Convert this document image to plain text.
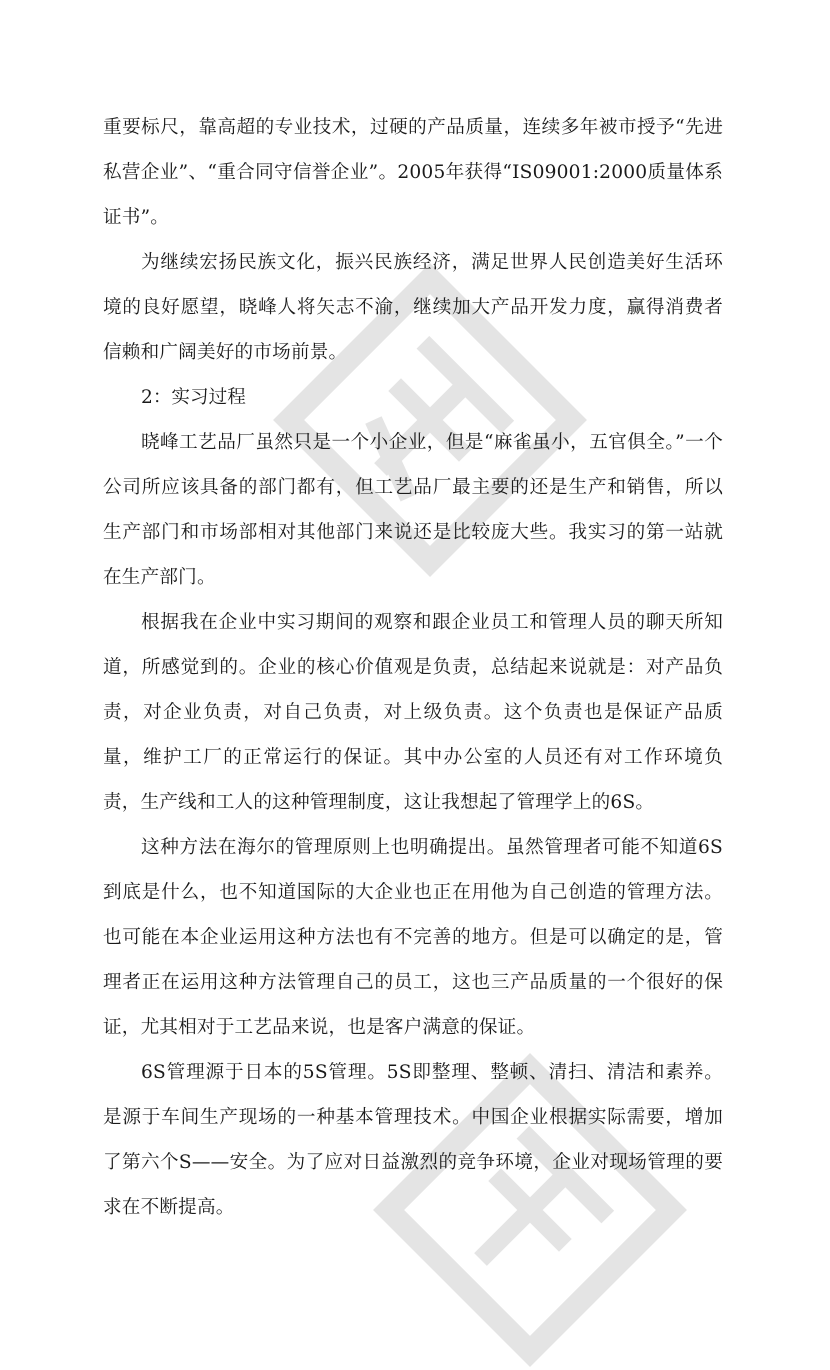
重要标尺，靠高超的专业技术，过硬的产品质量，连续多年被市授予“先进私营企业”、“重合同守信誉企业”。2005年获得“IS09001:2000质量体系证书”。

为继续宏扬民族文化，振兴民族经济，满足世界人民创造美好生活环境的良好愿望，晓峰人将矢志不渝，继续加大产品开发力度，赢得消费者信赖和广阔美好的市场前景。

2：实习过程

晓峰工艺品厂虽然只是一个小企业，但是“麻雀虽小，五官俱全。”一个公司所应该具备的部门都有，但工艺品厂最主要的还是生产和销售，所以生产部门和市场部相对其他部门来说还是比较庞大些。我实习的第一站就在生产部门。

根据我在企业中实习期间的观察和跟企业员工和管理人员的聊天所知道，所感觉到的。企业的核心价值观是负责，总结起来说就是：对产品负责，对企业负责，对自己负责，对上级负责。这个负责也是保证产品质量，维护工厂的正常运行的保证。其中办公室的人员还有对工作环境负责，生产线和工人的这种管理制度，这让我想起了管理学上的6S。

这种方法在海尔的管理原则上也明确提出。虽然管理者可能不知道6S到底是什么，也不知道国际的大企业也正在用他为自己创造的管理方法。也可能在本企业运用这种方法也有不完善的地方。但是可以确定的是，管理者正在运用这种方法管理自己的员工，这也三产品质量的一个很好的保证，尤其相对于工艺品来说，也是客户满意的保证。

6S管理源于日本的5S管理。5S即整理、整顿、清扫、清洁和素养。是源于车间生产现场的一种基本管理技术。中国企业根据实际需要，增加了第六个S——安全。为了应对日益激烈的竞争环境，企业对现场管理的要求在不断提高。
